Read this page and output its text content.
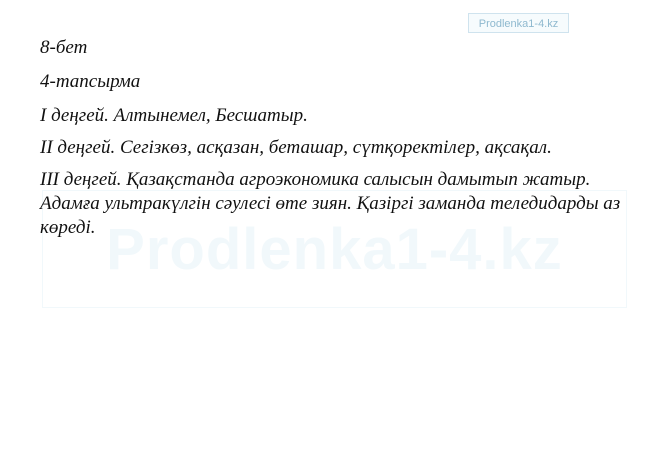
Prodlenka1-4.kz
Prodlenka1-4.kz

8-бет

4-тапсырма

І деңгей. Алтынемел, Бесшатыр.

ІІ деңгей. Сегізкөз, асқазан, беташар, сүтқоректілер, ақсақал.

ІІІ деңгей. Қазақстанда агроэкономика салысын дамытып жатыр. Адамға ультракүлгін сәулесі өте зиян. Қазіргі заманда теледидарды аз көреді.
